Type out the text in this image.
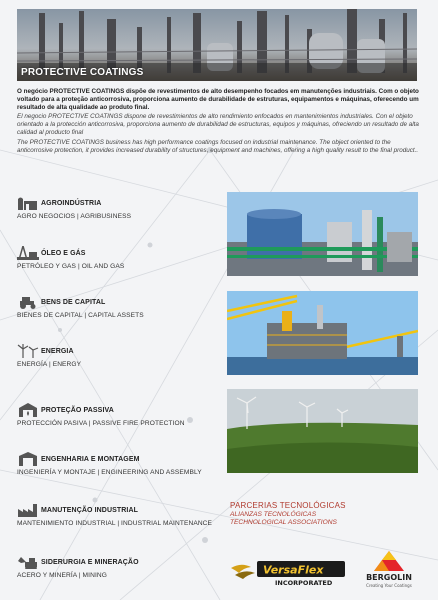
PROTECTIVE COATINGS

O negócio PROTECTIVE COATINGS dispõe de revestimentos de alto desempenho focados em manutenções industriais. Com o objeto voltado para a proteção anticorrosiva, proporciona aumento de durabilidade de estruturas, equipamentos e máquinas, oferecendo um resultado de alta qualidade ao produto final.

El negocio PROTECTIVE COATINGS dispone de revestimientos de alto rendimiento enfocados en mantenimientos industriales. Con el objeto orientado a la protección anticorrosiva, proporciona aumento de durabilidad de estructuras, equipos y máquinas, ofreciendo un resultado de alta calidad al producto final

The PROTECTIVE COATINGS business has high performance coatings focused on industrial maintenance. The object oriented to the anticorrosive protection, it provides increased durability of structures, equipment and machines, offering a high quality result to the final product..

AGROINDÚSTRIA
AGRO NEGOCIOS | AGRIBUSINESS
ÓLEO E GÁS
PETRÓLEO Y GAS | OIL AND GAS
BENS DE CAPITAL
BIENES DE CAPITAL | CAPITAL ASSETS
ENERGIA
ENERGÍA | ENERGY
PROTEÇÃO PASSIVA
PROTECCIÓN PASIVA | PASSIVE FIRE PROTECTION
ENGENHARIA E MONTAGEM
INGENIERÍA Y MONTAJE | ENGINEERING AND ASSEMBLY
MANUTENÇÃO INDUSTRIAL
MANTENIMIENTO INDUSTRIAL | INDUSTRIAL MAINTENANCE
SIDERURGIA E MINERAÇÃO
ACERO Y MINERÍA | MINING
PARCERIAS TECNOLÓGICAS
ALIANZAS TECNOLÓGICAS
TECHNOLOGICAL ASSOCIATIONS
VersaFlex
INCORPORATED
BERGOLIN
Creating Your Coatings
